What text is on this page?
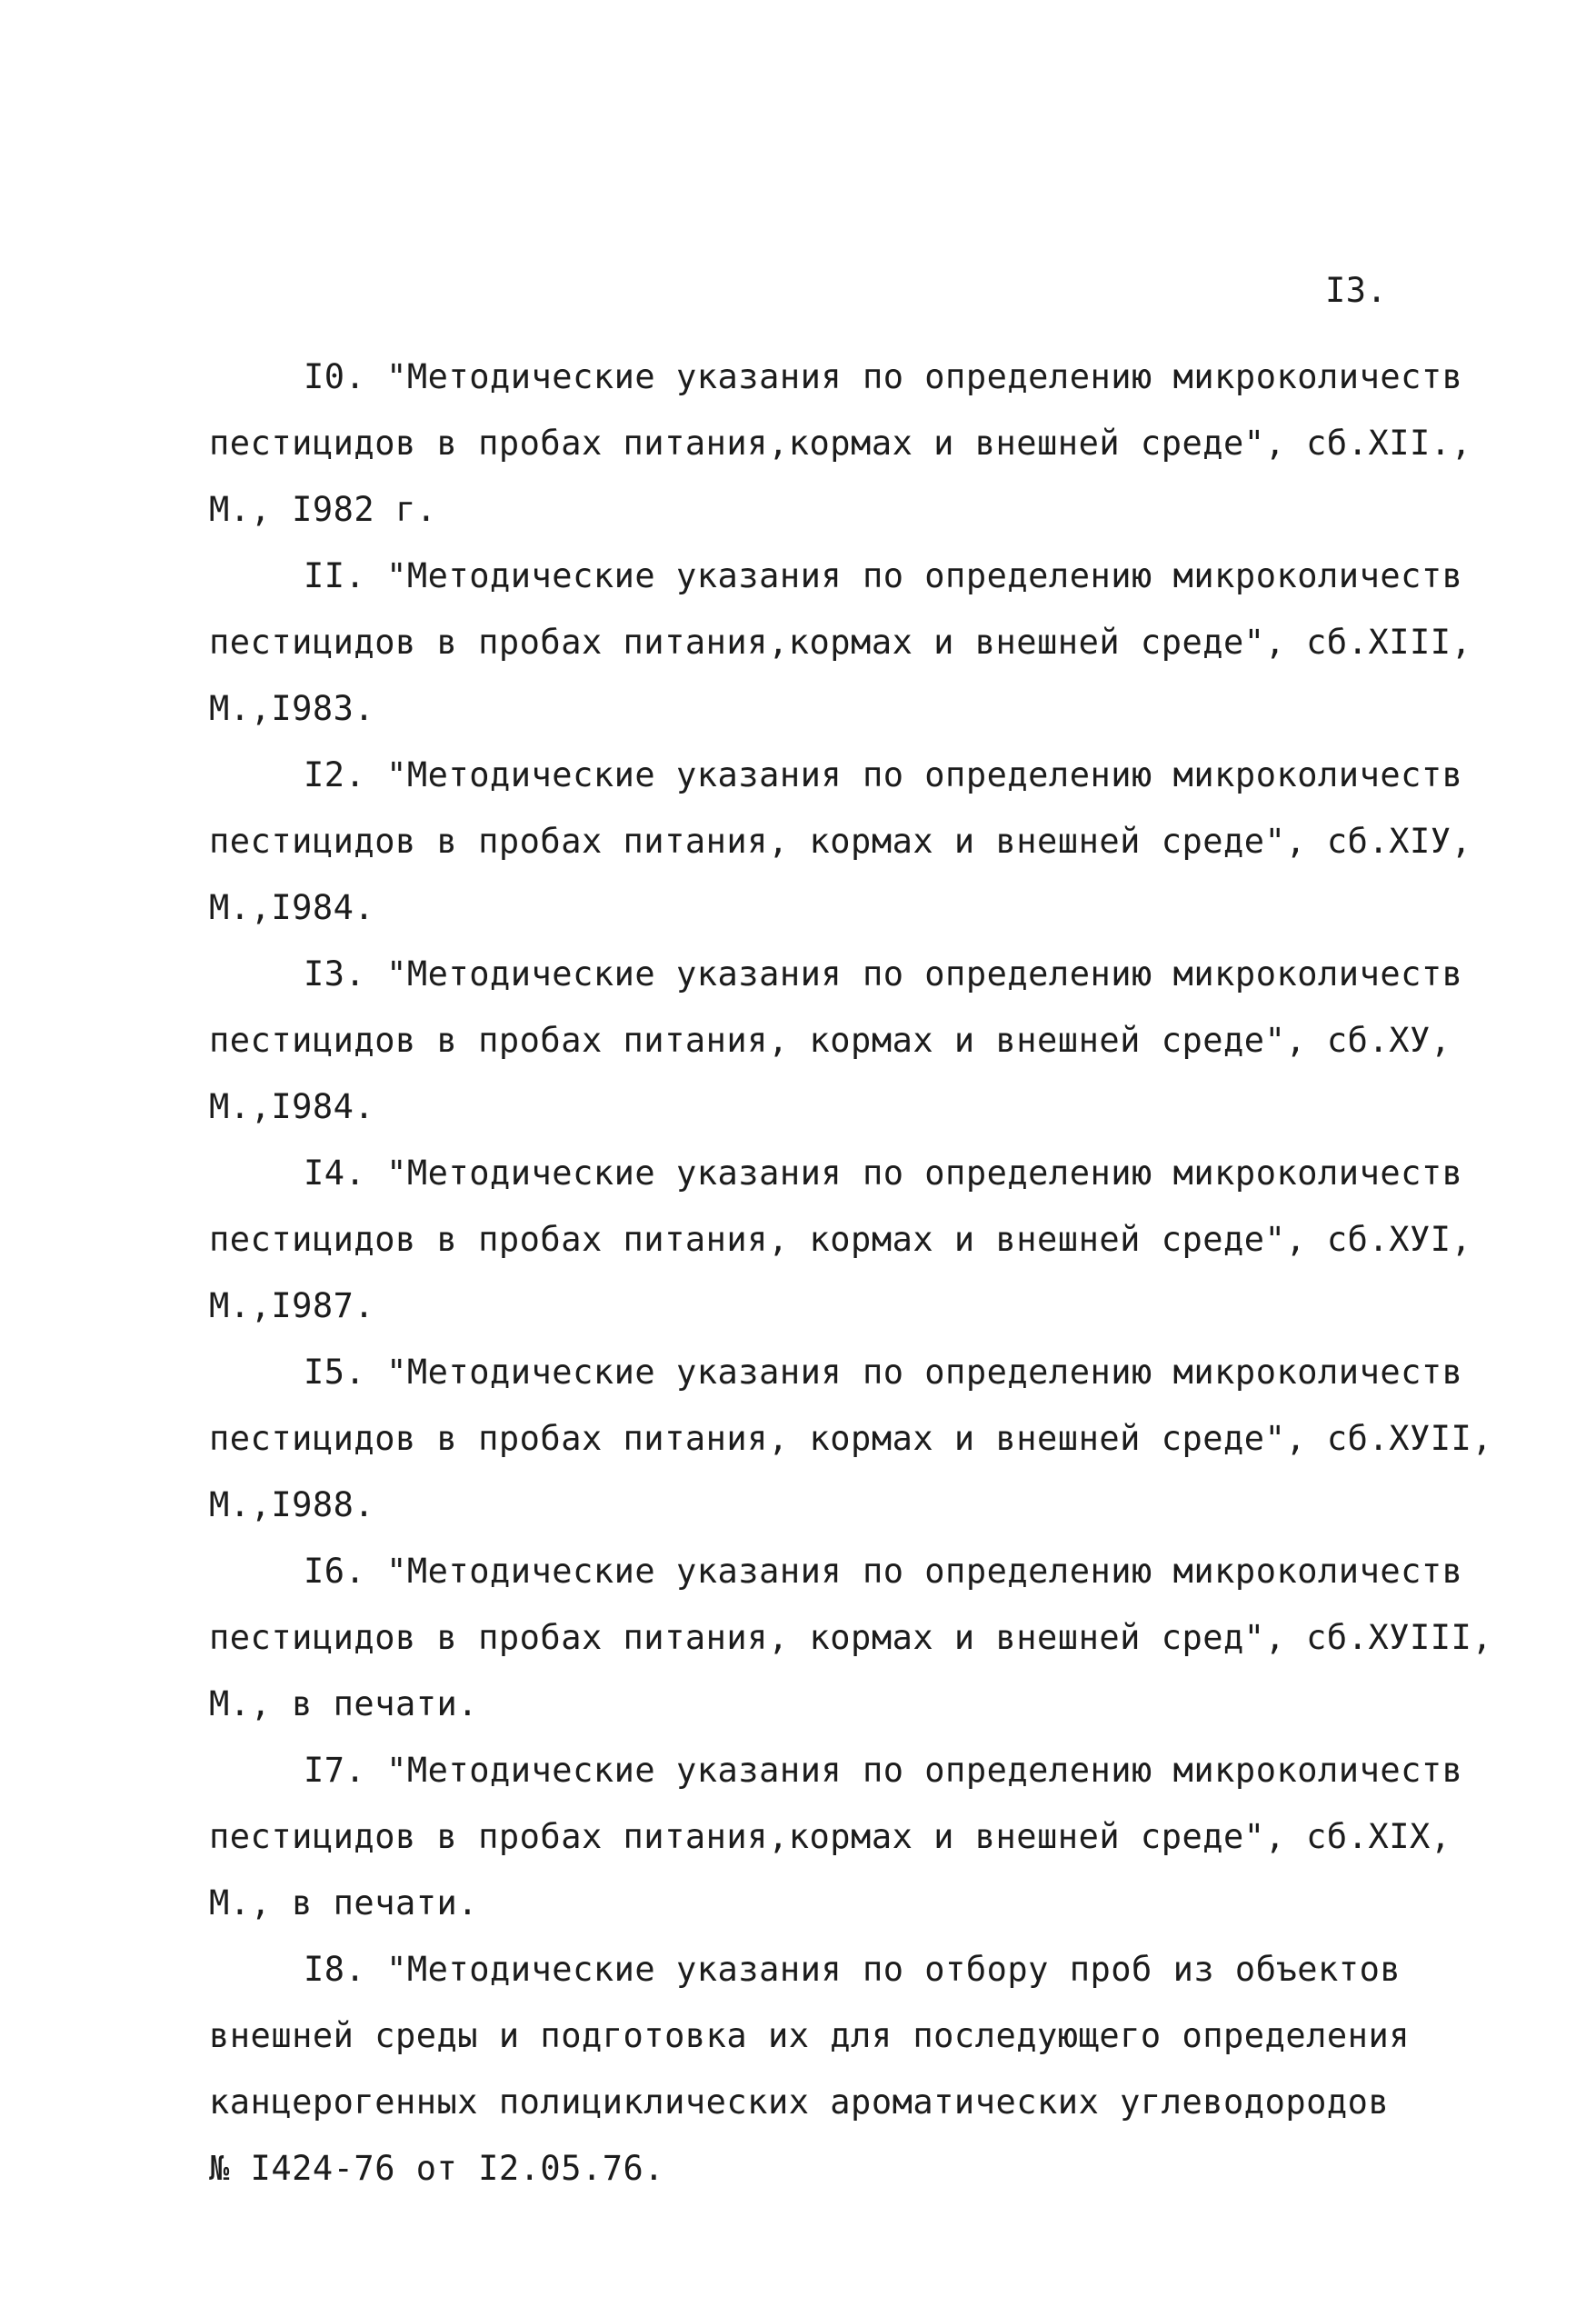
I3.
I0. "Методические указания по определению микроколичеств
пестицидов в пробах питания,кормах и внешней среде", сб.XII.,
М., I982 г.
II. "Методические указания по определению микроколичеств
пестицидов в пробах питания,кормах и внешней среде", сб.XIII,
М.,I983.
I2. "Методические указания по определению микроколичеств
пестицидов в пробах питания, кормах и внешней среде", сб.XIУ,
М.,I984.
I3. "Методические указания по определению микроколичеств
пестицидов в пробах питания, кормах и внешней среде", сб.XУ,
М.,I984.
I4. "Методические указания по определению микроколичеств
пестицидов в пробах питания, кормах и внешней среде", сб.XУI,
М.,I987.
I5. "Методические указания по определению микроколичеств
пестицидов в пробах питания, кормах и внешней среде", сб.XУII,
М.,I988.
I6. "Методические указания по определению микроколичеств
пестицидов в пробах питания, кормах и внешней сред", сб.XУIII,
М., в печати.
I7. "Методические указания по определению микроколичеств
пестицидов в пробах питания,кормах и внешней среде", сб.XIX,
М., в печати.
I8. "Методические указания по отбору проб из объектов
внешней среды и подготовка их для последующего определения
канцерогенных полициклических ароматических углеводородов
№ I424-76 от I2.05.76.
